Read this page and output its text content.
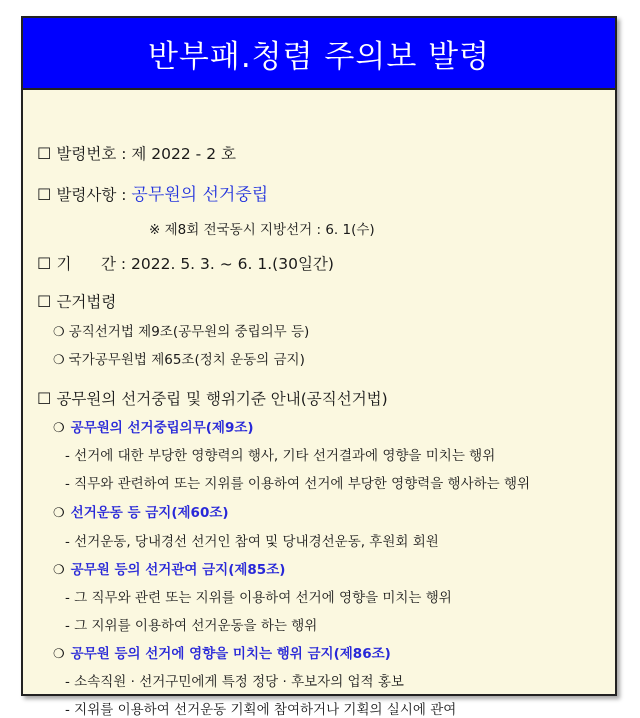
반부패.청렴 주의보 발령
☐ 발령번호 : 제 2022 - 2 호
☐ 발령사항 : 공무원의 선거중립
※ 제8회 전국동시 지방선거 : 6. 1(수)
☐ 기      간 : 2022. 5. 3. ~ 6. 1.(30일간)
☐ 근거법령
❍ 공직선거법 제9조(공무원의 중립의무 등)
❍ 국가공무원법 제65조(정치 운동의 금지)
☐ 공무원의 선거중립 및 행위기준 안내(공직선거법)
❍ 공무원의 선거중립의무(제9조)
- 선거에 대한 부당한 영향력의 행사, 기타 선거결과에 영향을 미치는 행위
- 직무와 관련하여 또는 지위를 이용하여 선거에 부당한 영향력을 행사하는 행위
❍ 선거운동 등 금지(제60조)
- 선거운동, 당내경선 선거인 참여 및 당내경선운동, 후원회 회원
❍ 공무원 등의 선거관여 금지(제85조)
- 그 직무와 관련 또는 지위를 이용하여 선거에 영향을 미치는 행위
- 그 지위를 이용하여 선거운동을 하는 행위
❍ 공무원 등의 선거에 영향을 미치는 행위 금지(제86조)
- 소속직원 · 선거구민에게 특정 정당 · 후보자의 업적 홍보
- 지위를 이용하여 선거운동 기획에 참여하거나 기획의 실시에 관여
